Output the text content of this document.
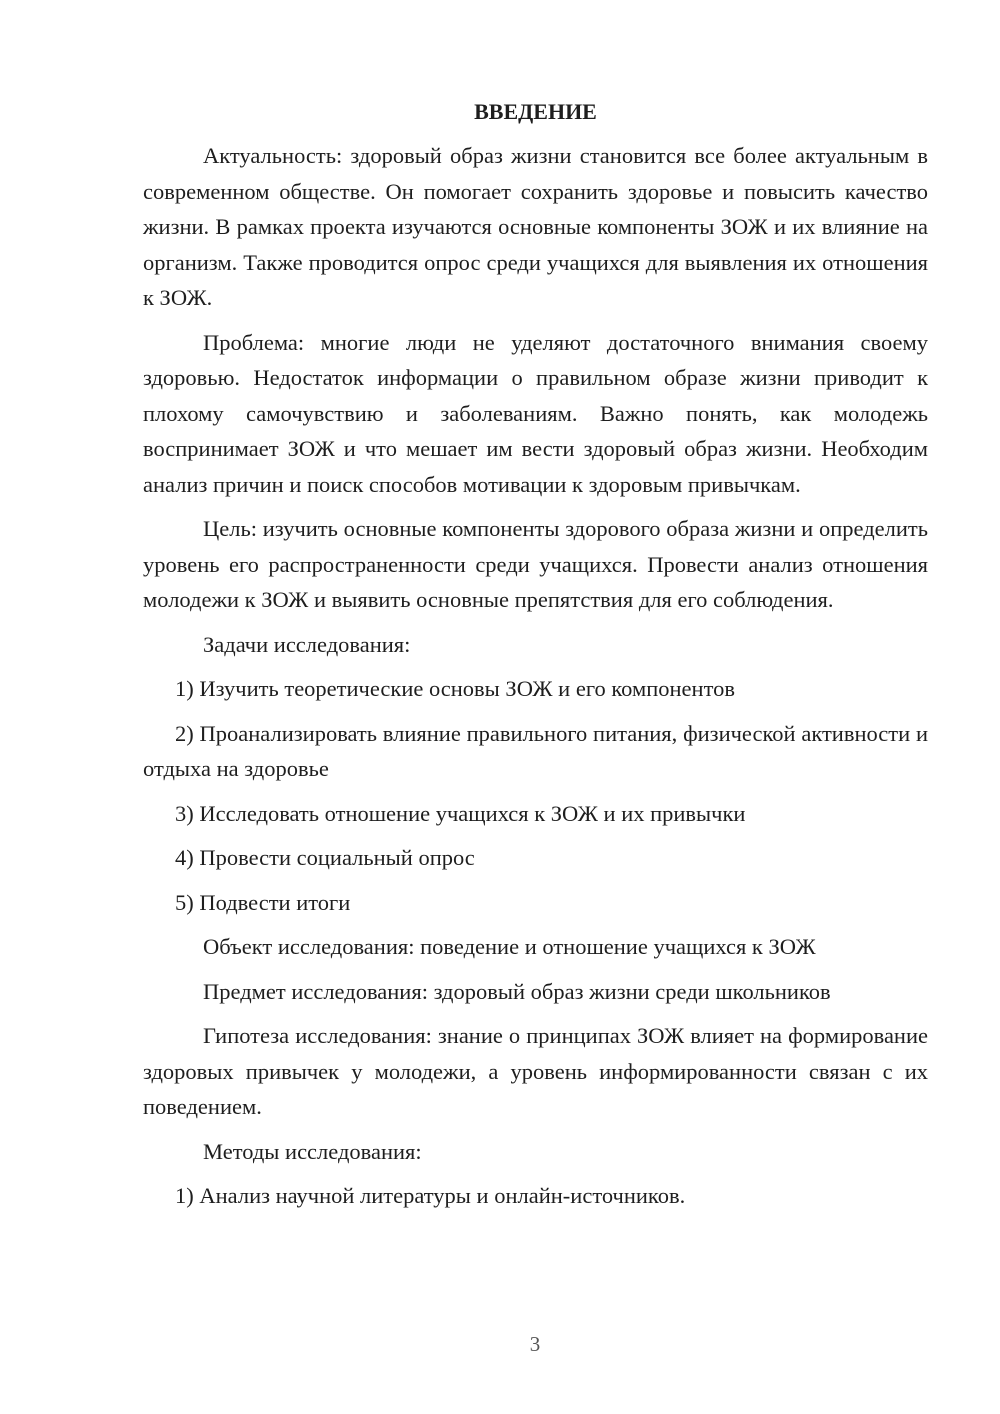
ВВЕДЕНИЕ

Актуальность: здоровый образ жизни становится все более актуальным в современном обществе. Он помогает сохранить здоровье и повысить качество жизни. В рамках проекта изучаются основные компоненты ЗОЖ и их влияние на организм. Также проводится опрос среди учащихся для выявления их отношения к ЗОЖ.

Проблема: многие люди не уделяют достаточного внимания своему здоровью. Недостаток информации о правильном образе жизни приводит к плохому самочувствию и заболеваниям. Важно понять, как молодежь воспринимает ЗОЖ и что мешает им вести здоровый образ жизни. Необходим анализ причин и поиск способов мотивации к здоровым привычкам.

Цель: изучить основные компоненты здорового образа жизни и определить уровень его распространенности среди учащихся. Провести анализ отношения молодежи к ЗОЖ и выявить основные препятствия для его соблюдения.

Задачи исследования:

1) Изучить теоретические основы ЗОЖ и его компонентов

2) Проанализировать влияние правильного питания, физической активности и отдыха на здоровье

3) Исследовать отношение учащихся к ЗОЖ и их привычки

4) Провести социальный опрос

5) Подвести итоги

Объект исследования: поведение и отношение учащихся к ЗОЖ

Предмет исследования: здоровый образ жизни среди школьников

Гипотеза исследования: знание о принципах ЗОЖ влияет на формирование здоровых привычек у молодежи, а уровень информированности связан с их поведением.

Методы исследования:

1) Анализ научной литературы и онлайн-источников.

3
